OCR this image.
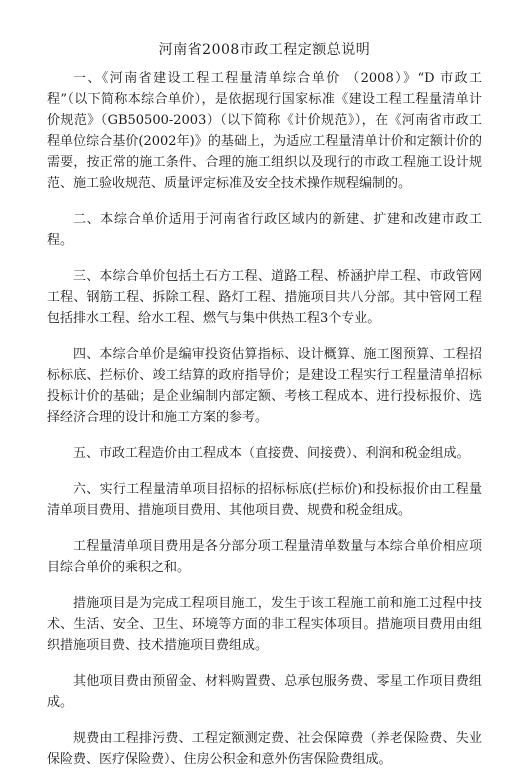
河南省2008市政工程定额总说明

一、《河南省建设工程工程量清单综合单价 （2008）》“D 市政工程”（以下简称本综合单价），是依据现行国家标准《建设工程工程量清单计价规范》（GB50500-2003）（以下简称《计价规范》），在《河南省市政工程单位综合基价(2002年)》的基础上，为适应工程量清单计价和定额计价的需要，按正常的施工条件、合理的施工组织以及现行的市政工程施工设计规范、施工验收规范、质量评定标准及安全技术操作规程编制的。

二、本综合单价适用于河南省行政区域内的新建、扩建和改建市政工程。

三、本综合单价包括土石方工程、道路工程、桥涵护岸工程、市政管网工程、钢筋工程、拆除工程、路灯工程、措施项目共八分部。其中管网工程包括排水工程、给水工程、燃气与集中供热工程3个专业。

四、本综合单价是编审投资估算指标、设计概算、施工图预算、工程招标标底、拦标价、竣工结算的政府指导价；是建设工程实行工程量清单招标投标计价的基础；是企业编制内部定额、考核工程成本、进行投标报价、选择经济合理的设计和施工方案的参考。

五、市政工程造价由工程成本（直接费、间接费）、利润和税金组成。

六、实行工程量清单项目招标的招标标底(拦标价)和投标报价由工程量清单项目费用、措施项目费用、其他项目费、规费和税金组成。

工程量清单项目费用是各分部分项工程量清单数量与本综合单价相应项目综合单价的乘积之和。

措施项目是为完成工程项目施工，发生于该工程施工前和施工过程中技术、生活、安全、卫生、环境等方面的非工程实体项目。措施项目费用由组织措施项目费、技术措施项目费组成。

其他项目费由预留金、材料购置费、总承包服务费、零星工作项目费组成。

规费由工程排污费、工程定额测定费、社会保障费（养老保险费、失业保险费、医疗保险费）、住房公积金和意外伤害保险费组成。
